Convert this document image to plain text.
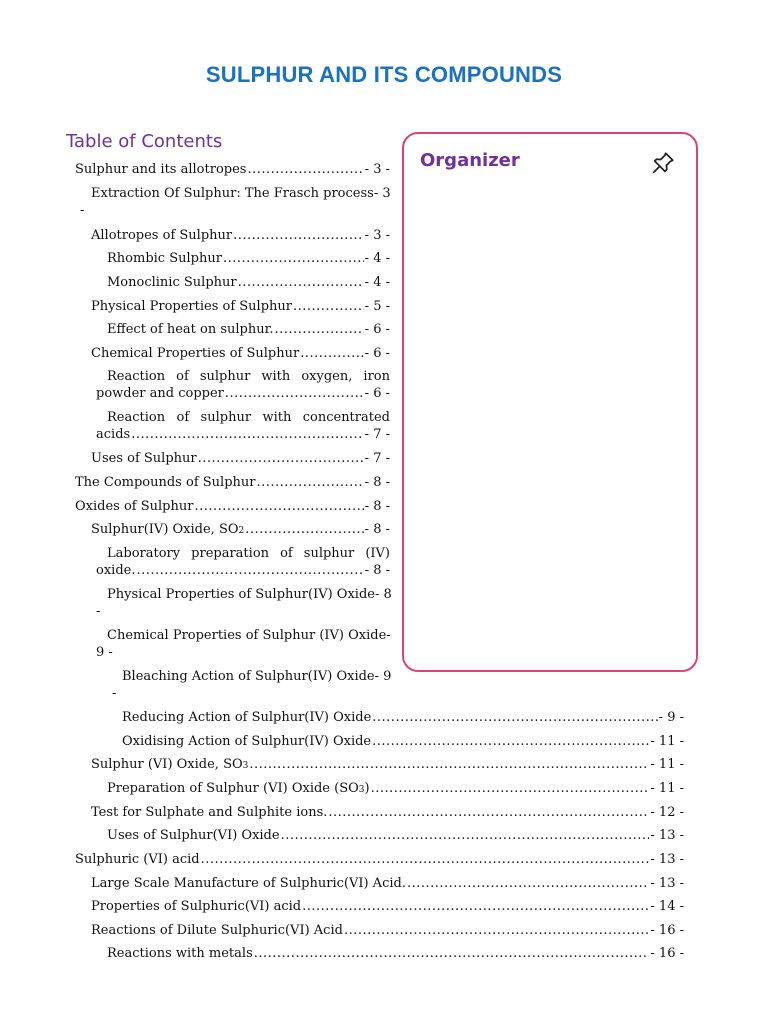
SULPHUR AND ITS COMPOUNDS
Table of Contents
Organizer
Sulphur and its allotropes .....	- 3 -
Extraction Of Sulphur: The Frasch process - 3
-
Allotropes of Sulphur .....	- 3 -
Rhombic Sulphur .....	- 4 -
Monoclinic Sulphur .....	- 4 -
Physical Properties of Sulphur .....	- 5 -
Effect of heat on sulphur. .....	- 6 -
Chemical Properties of Sulphur .....	- 6 -
Reaction of sulphur with oxygen, iron
powder and copper .....	- 6 -
Reaction of sulphur with concentrated
acids .....	- 7 -
Uses of Sulphur .....	- 7 -
The Compounds of Sulphur .....	- 8 -
Oxides of Sulphur .....	- 8 -
Sulphur(IV) Oxide, SO2 .....	- 8 -
Laboratory preparation of sulphur (IV)
oxide. .....	- 8 -
Physical Properties of Sulphur(IV) Oxide - 8
-
Chemical Properties of Sulphur (IV) Oxide -
9 -
Bleaching Action of Sulphur(IV) Oxide - 9
-
Reducing Action of Sulphur(IV) Oxide .....	- 9 -
Oxidising Action of Sulphur(IV) Oxide .....	- 11 -
Sulphur (VI) Oxide, SO3 .....	- 11 -
Preparation of Sulphur (VI) Oxide (SO3) .....	- 11 -
Test for Sulphate and Sulphite ions. .....	- 12 -
Uses of Sulphur(VI) Oxide .....	- 13 -
Sulphuric (VI) acid .....	- 13 -
Large Scale Manufacture of Sulphuric(VI) Acid. .....	- 13 -
Properties of Sulphuric(VI) acid .....	- 14 -
Reactions of Dilute Sulphuric(VI) Acid .....	- 16 -
Reactions with metals .....	- 16 -
